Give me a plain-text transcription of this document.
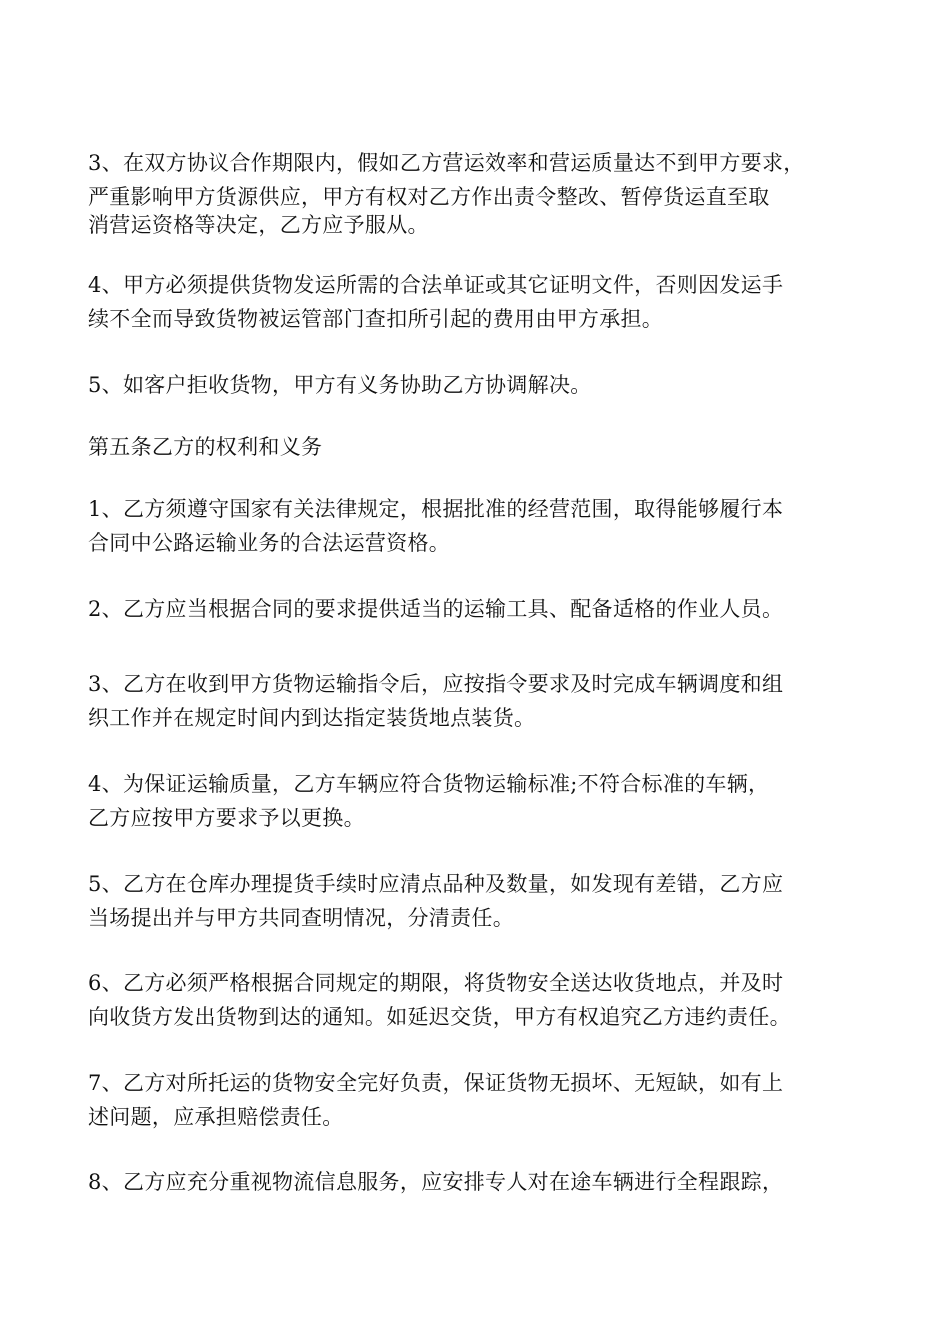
3、在双方协议合作期限内，假如乙方营运效率和营运质量达不到甲方要求，
严重影响甲方货源供应，甲方有权对乙方作出责令整改、暂停货运直至取
消营运资格等决定，乙方应予服从。

4、甲方必须提供货物发运所需的合法单证或其它证明文件，否则因发运手
续不全而导致货物被运管部门查扣所引起的费用由甲方承担。

5、如客户拒收货物，甲方有义务协助乙方协调解决。

第五条乙方的权利和义务

1、乙方须遵守国家有关法律规定，根据批准的经营范围，取得能够履行本
合同中公路运输业务的合法运营资格。

2、乙方应当根据合同的要求提供适当的运输工具、配备适格的作业人员。

3、乙方在收到甲方货物运输指令后，应按指令要求及时完成车辆调度和组
织工作并在规定时间内到达指定装货地点装货。

4、为保证运输质量，乙方车辆应符合货物运输标准;不符合标准的车辆，
乙方应按甲方要求予以更换。

5、乙方在仓库办理提货手续时应清点品种及数量，如发现有差错，乙方应
当场提出并与甲方共同查明情况，分清责任。

6、乙方必须严格根据合同规定的期限，将货物安全送达收货地点，并及时
向收货方发出货物到达的通知。如延迟交货，甲方有权追究乙方违约责任。

7、乙方对所托运的货物安全完好负责，保证货物无损坏、无短缺，如有上
述问题，应承担赔偿责任。

8、乙方应充分重视物流信息服务，应安排专人对在途车辆进行全程跟踪，
